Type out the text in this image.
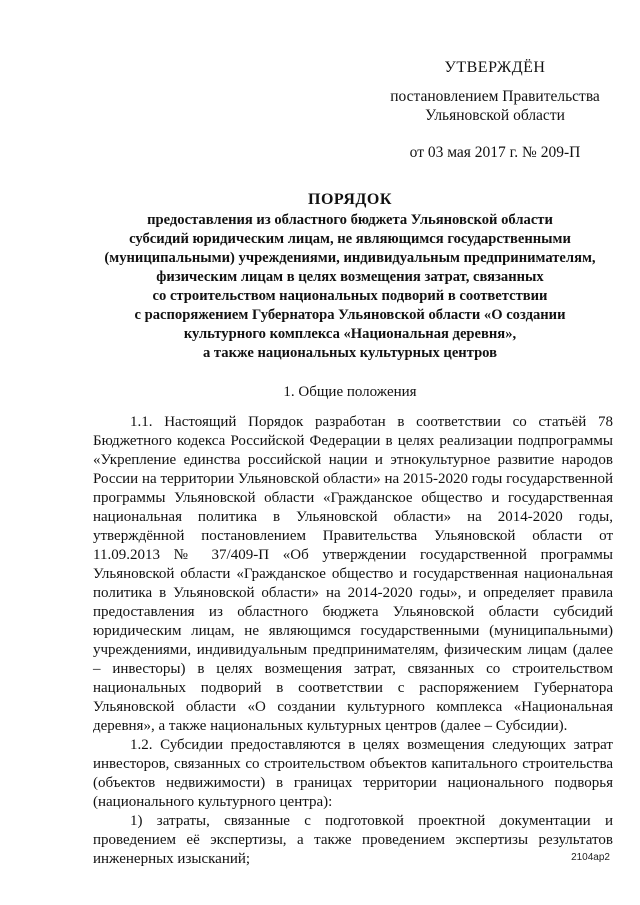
УТВЕРЖДЁН
постановлением Правительства
Ульяновской области
от 03 мая 2017 г. № 209-П
ПОРЯДОК
предоставления из областного бюджета Ульяновской области
субсидий юридическим лицам, не являющимся государственными
(муниципальными) учреждениями, индивидуальным предпринимателям,
физическим лицам в целях возмещения затрат, связанных
со строительством национальных подворий в соответствии
с распоряжением Губернатора Ульяновской области «О создании
культурного комплекса «Национальная деревня»,
а также национальных культурных центров
1. Общие положения

1.1. Настоящий Порядок разработан в соответствии со статьёй 78 Бюджетного кодекса Российской Федерации в целях реализации подпрограммы «Укрепление единства российской нации и этнокультурное развитие народов России на территории Ульяновской области» на 2015-2020 годы государственной программы Ульяновской области «Гражданское общество и государственная национальная политика в Ульяновской области» на 2014-2020 годы, утверждённой постановлением Правительства Ульяновской области от 11.09.2013 № 37/409-П «Об утверждении государственной программы Ульяновской области «Гражданское общество и государственная национальная политика в Ульяновской области» на 2014-2020 годы», и определяет правила предоставления из областного бюджета Ульяновской области субсидий юридическим лицам, не являющимся государственными (муниципальными) учреждениями, индивидуальным предпринимателям, физическим лицам (далее – инвесторы) в целях возмещения затрат, связанных со строительством национальных подворий в соответствии с распоряжением Губернатора Ульяновской области «О создании культурного комплекса «Национальная деревня», а также национальных культурных центров (далее – Субсидии).

1.2. Субсидии предоставляются в целях возмещения следующих затрат инвесторов, связанных со строительством объектов капитального строительства (объектов недвижимости) в границах территории национального подворья (национального культурного центра):

1) затраты, связанные с подготовкой проектной документации и проведением её экспертизы, а также проведением экспертизы результатов инженерных изысканий;	2104ар2
